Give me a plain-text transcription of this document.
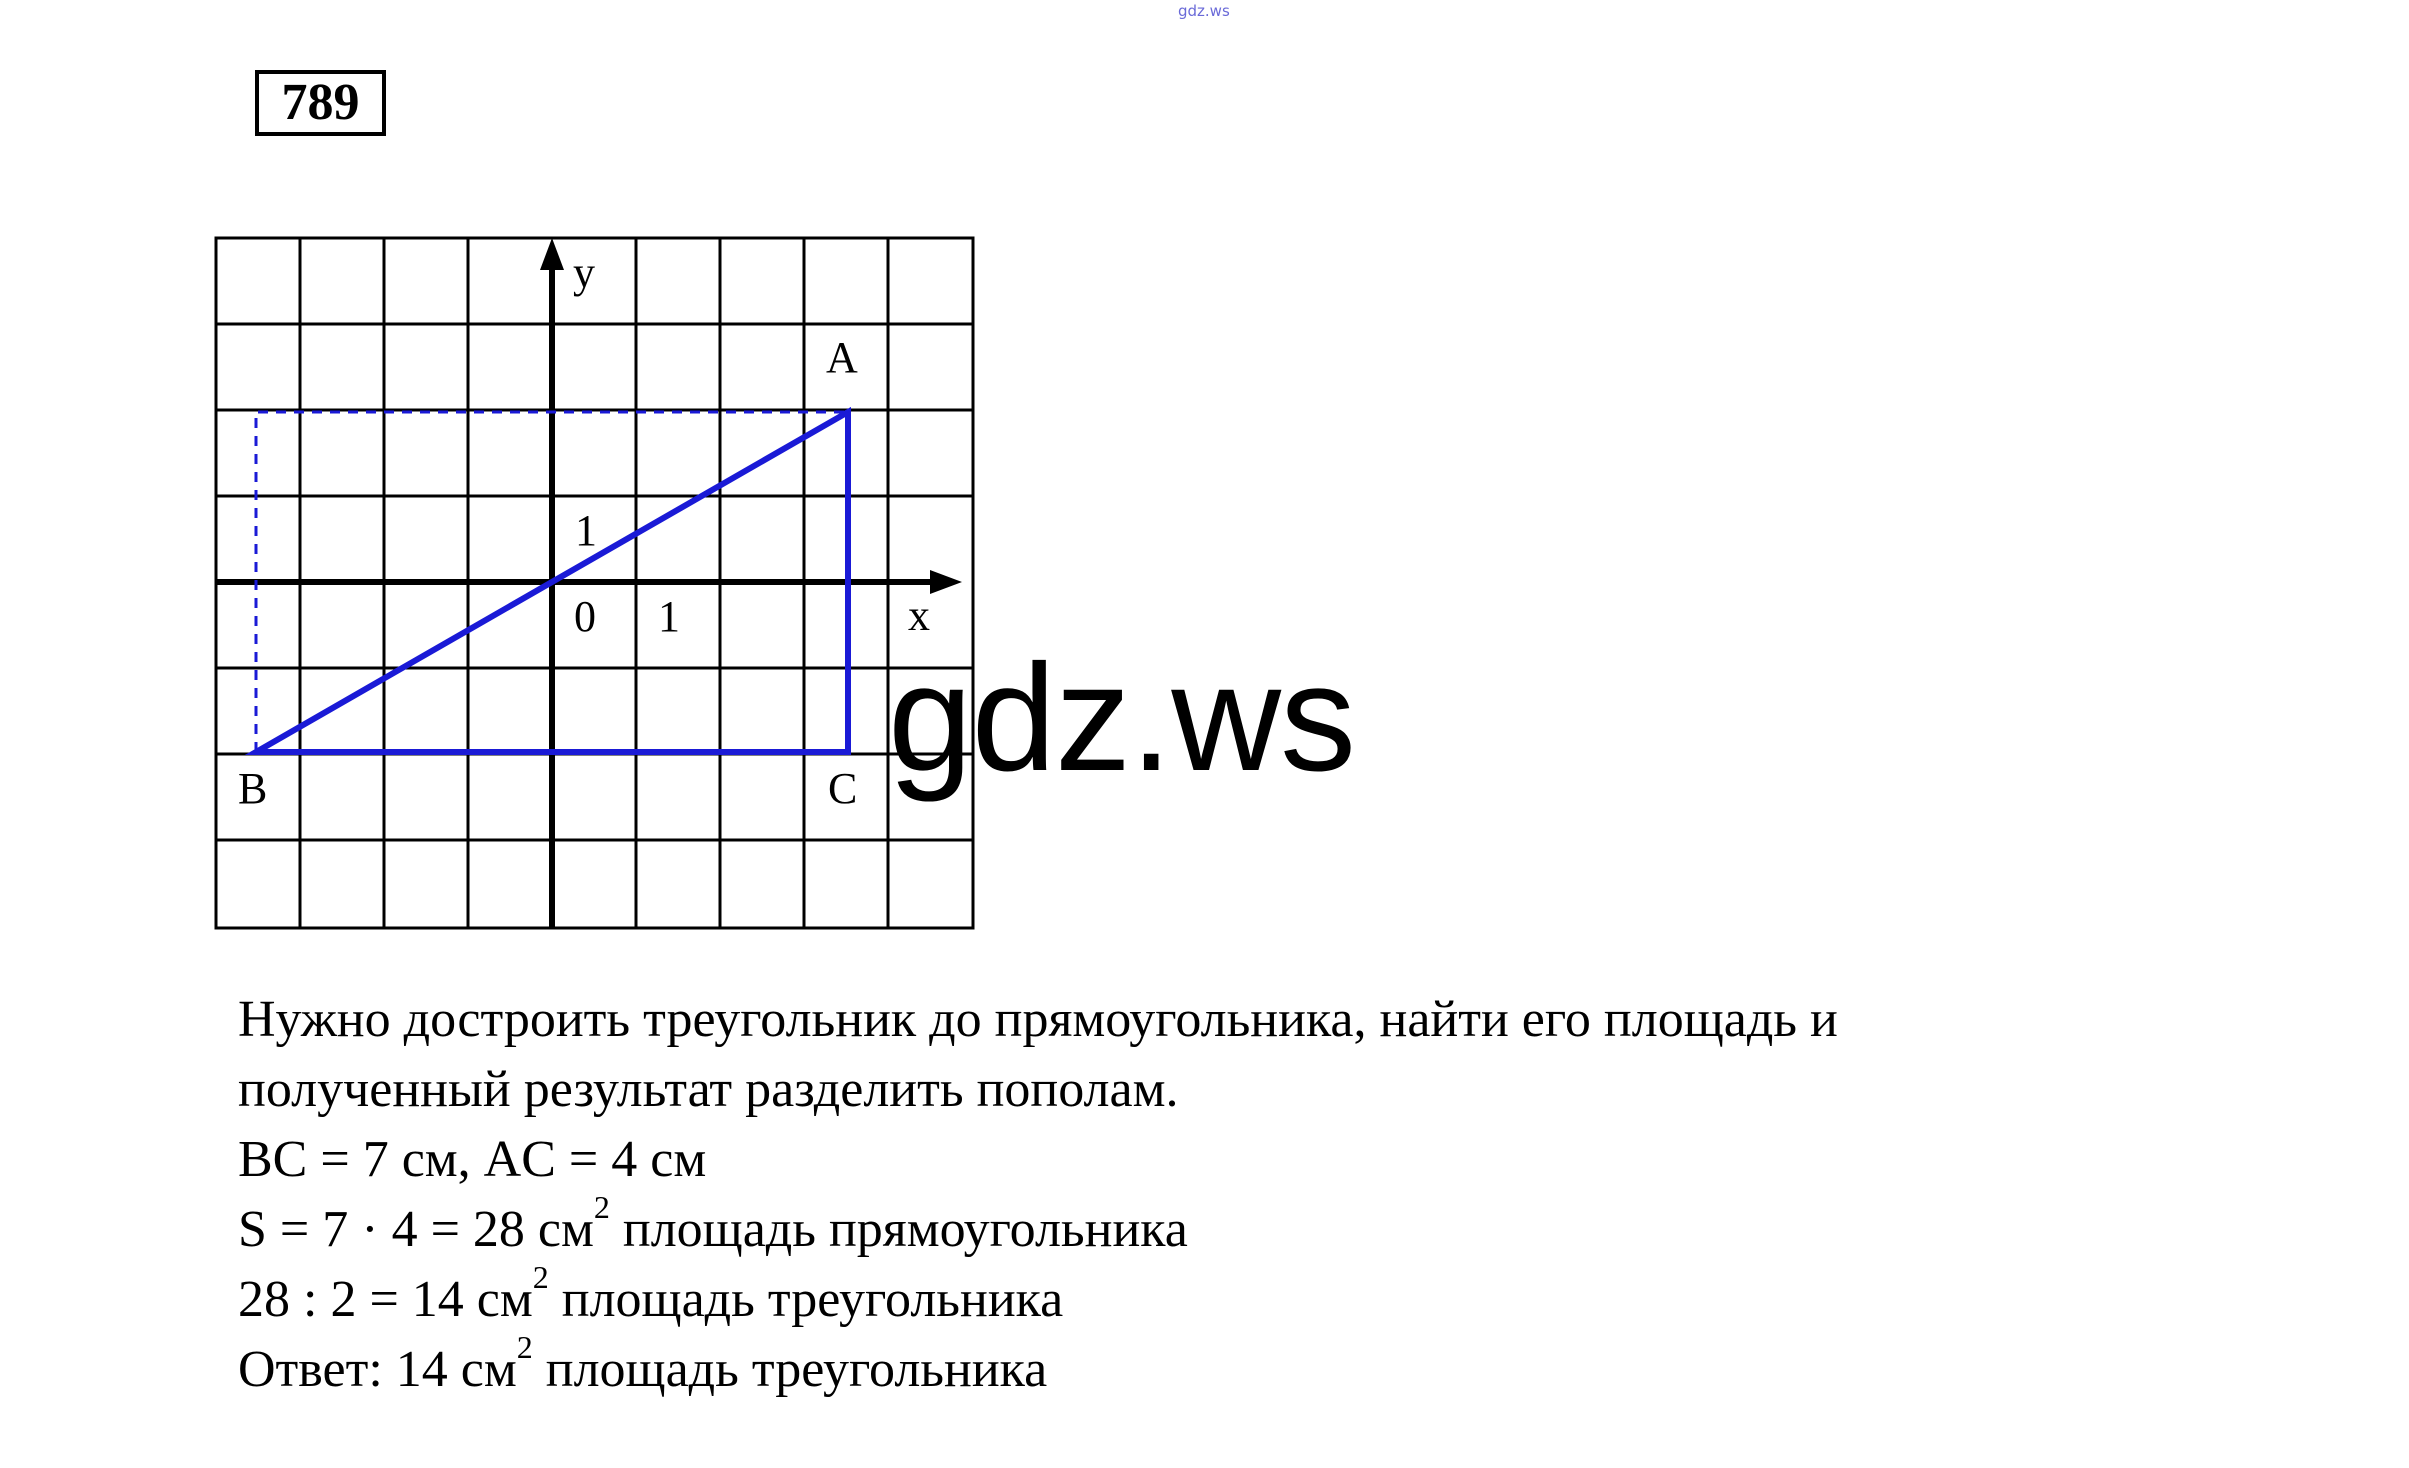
gdz.ws
789
y
x
0 1
1
A
B	C gdz.ws
Нужно достроить треугольник до прямоугольника, найти его площадь и
полученный результат разделить пополам.
BC = 7 см, AC = 4 см
S = 7 · 4 = 28 $см^2$ площадь прямоугольника
28 : 2 = 14 $см^2$ площадь треугольника
Ответ: 14 $см^2$ площадь треугольника
